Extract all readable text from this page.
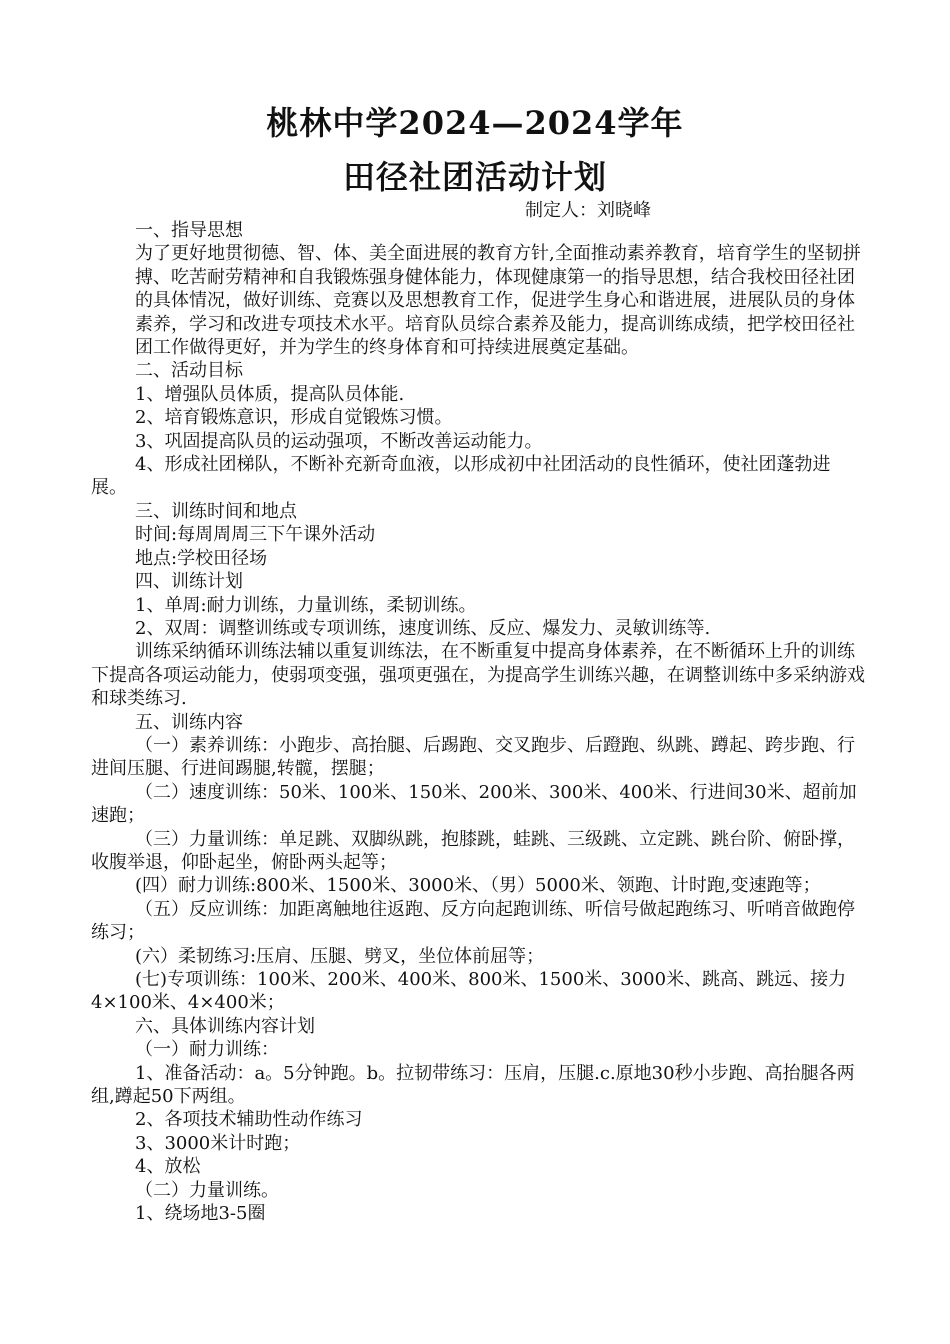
桃林中学2024—2024学年
田径社团活动计划
制定人：刘晓峰

一、指导思想

为了更好地贯彻德、智、体、美全面进展的教育方针,全面推动素养教育，培育学生的坚韧拼搏、吃苦耐劳精神和自我锻炼强身健体能力，体现健康第一的指导思想，结合我校田径社团的具体情况，做好训练、竞赛以及思想教育工作，促进学生身心和谐进展，进展队员的身体素养，学习和改进专项技术水平。培育队员综合素养及能力，提高训练成绩，把学校田径社团工作做得更好，并为学生的终身体育和可持续进展奠定基础。

二、活动目标

1、增强队员体质，提高队员体能.

2、培育锻炼意识，形成自觉锻炼习惯。

3、巩固提高队员的运动强项，不断改善运动能力。

4、形成社团梯队，不断补充新奇血液，以形成初中社团活动的良性循环，使社团蓬勃进展。

三、训练时间和地点

时间:每周周周三下午课外活动

地点:学校田径场

四、训练计划

1、单周:耐力训练，力量训练，柔韧训练。

2、双周：调整训练或专项训练，速度训练、反应、爆发力、灵敏训练等.

训练采纳循环训练法辅以重复训练法，在不断重复中提高身体素养，在不断循环上升的训练下提高各项运动能力，使弱项变强，强项更强在，为提高学生训练兴趣，在调整训练中多采纳游戏和球类练习.

五、训练内容

（一）素养训练：小跑步、高抬腿、后踢跑、交叉跑步、后蹬跑、纵跳、蹲起、跨步跑、行进间压腿、行进间踢腿,转髋，摆腿；

（二）速度训练：50米、100米、150米、200米、300米、400米、行进间30米、超前加速跑；

（三）力量训练：单足跳、双脚纵跳，抱膝跳，蛙跳、三级跳、立定跳、跳台阶、俯卧撑，收腹举退，仰卧起坐，俯卧两头起等；

(四）耐力训练:800米、1500米、3000米、（男）5000米、领跑、计时跑,变速跑等；

（五）反应训练：加距离触地往返跑、反方向起跑训练、听信号做起跑练习、听哨音做跑停练习；

(六）柔韧练习:压肩、压腿、劈叉，坐位体前屈等；

(七)专项训练：100米、200米、400米、800米、1500米、3000米、跳高、跳远、接力4×100米、4×400米；

六、具体训练内容计划

（一）耐力训练：

1、准备活动：a。5分钟跑。b。拉韧带练习：压肩，压腿.c.原地30秒小步跑、高抬腿各两组,蹲起50下两组。

2、各项技术辅助性动作练习

3、3000米计时跑；

4、放松

（二）力量训练。

1、绕场地3-5圈
